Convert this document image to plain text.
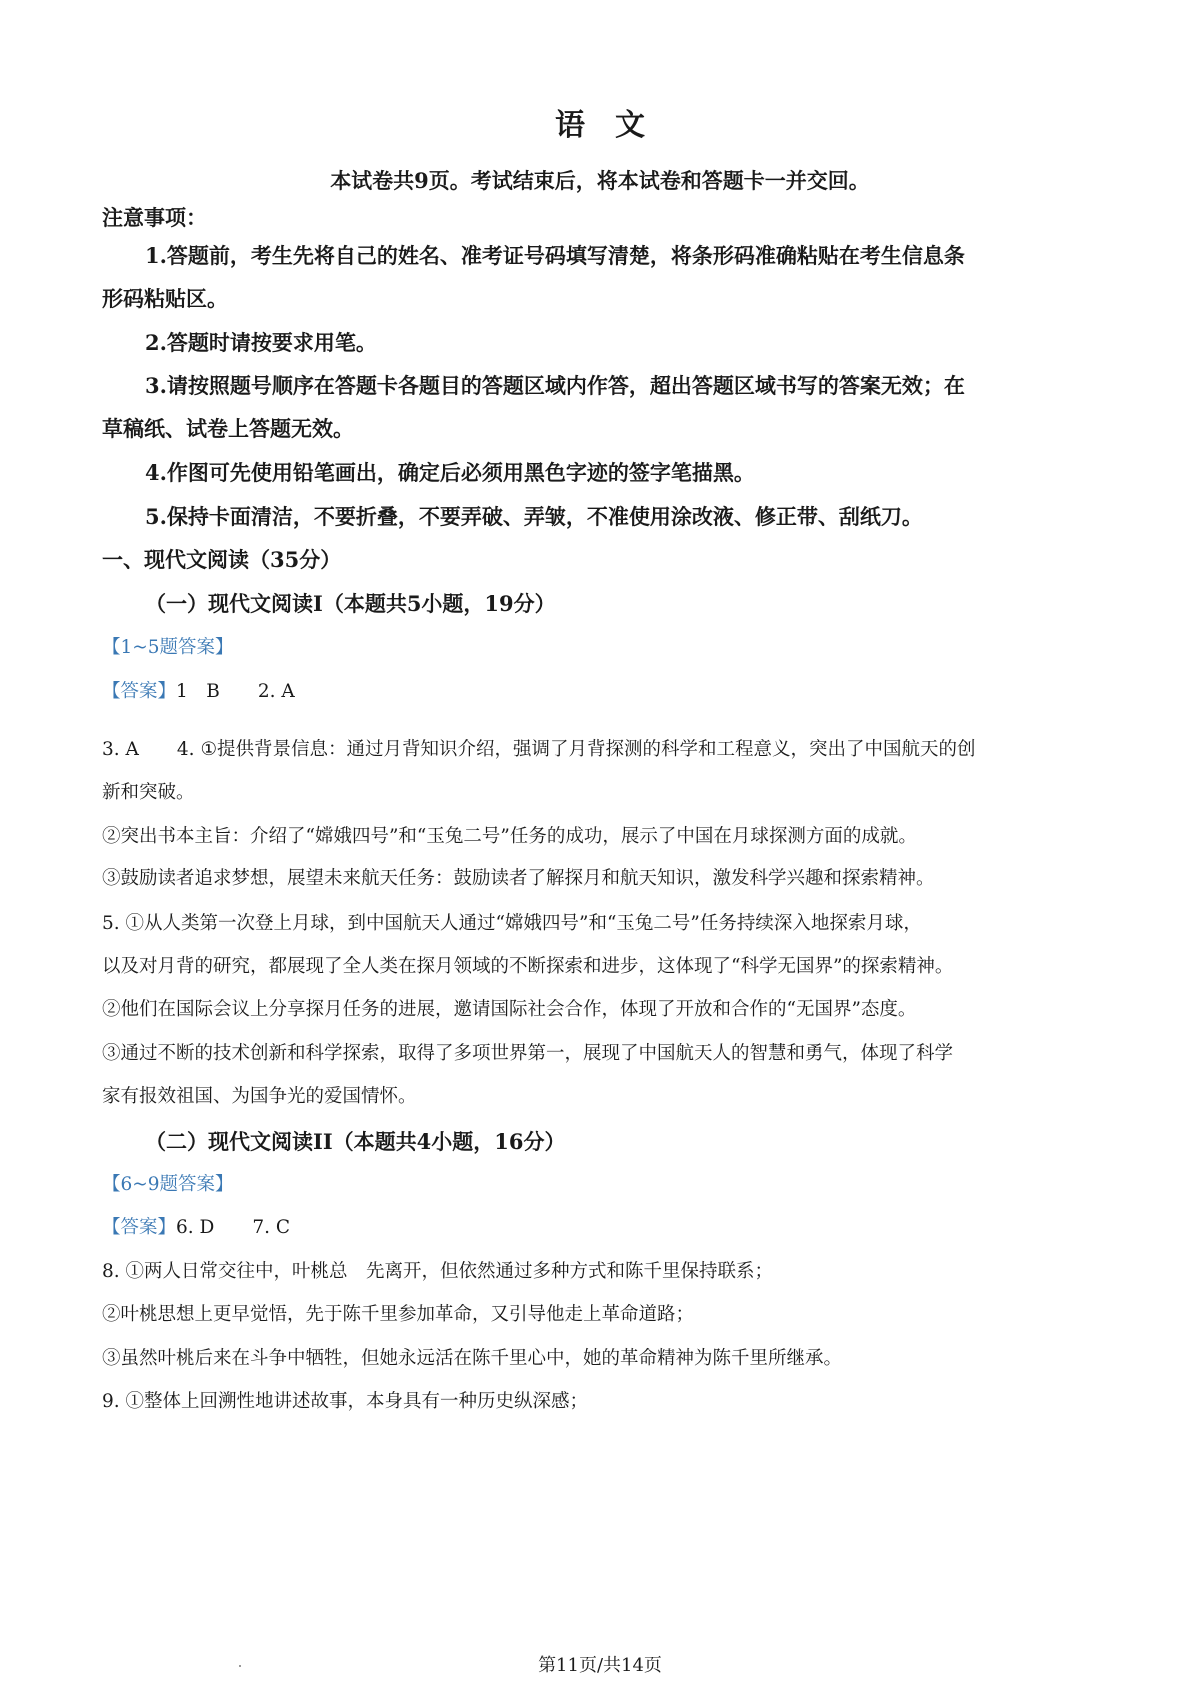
语文
本试卷共9页。考试结束后，将本试卷和答题卡一并交回。
注意事项：
1.答题前，考生先将自己的姓名、准考证号码填写清楚，将条形码准确粘贴在考生信息条
形码粘贴区。
2.答题时请按要求用笔。
3.请按照题号顺序在答题卡各题目的答题区域内作答，超出答题区域书写的答案无效；在
草稿纸、试卷上答题无效。
4.作图可先使用铅笔画出，确定后必须用黑色字迹的签字笔描黑。
5.保持卡面清洁，不要折叠，不要弄破、弄皱，不准使用涂改液、修正带、刮纸刀。
一、现代文阅读（35分）
（一）现代文阅读Ⅰ（本题共5小题，19分）
【1~5题答案】
【答案】1　B 2. A
3. A 4. ①提供背景信息：通过月背知识介绍，强调了月背探测的科学和工程意义，突出了中国航天的创
新和突破。
②突出书本主旨：介绍了“嫦娥四号”和“玉兔二号”任务的成功，展示了中国在月球探测方面的成就。
③鼓励读者追求梦想，展望未来航天任务：鼓励读者了解探月和航天知识，激发科学兴趣和探索精神。
5. ①从人类第一次登上月球，到中国航天人通过“嫦娥四号”和“玉兔二号”任务持续深入地探索月球，
以及对月背的研究，都展现了全人类在探月领域的不断探索和进步，这体现了“科学无国界”的探索精神。
②他们在国际会议上分享探月任务的进展，邀请国际社会合作，体现了开放和合作的“无国界”态度。
③通过不断的技术创新和科学探索，取得了多项世界第一，展现了中国航天人的智慧和勇气，体现了科学
家有报效祖国、为国争光的爱国情怀。
（二）现代文阅读II（本题共4小题，16分）
【6~9题答案】
【答案】6. D 7. C
8. ①两人日常交往中，叶桃总　先离开，但依然通过多种方式和陈千里保持联系；
②叶桃思想上更早觉悟，先于陈千里参加革命，又引导他走上革命道路；
③虽然叶桃后来在斗争中牺牲，但她永远活在陈千里心中，她的革命精神为陈千里所继承。
9. ①整体上回溯性地讲述故事，本身具有一种历史纵深感；
第11页/共14页
